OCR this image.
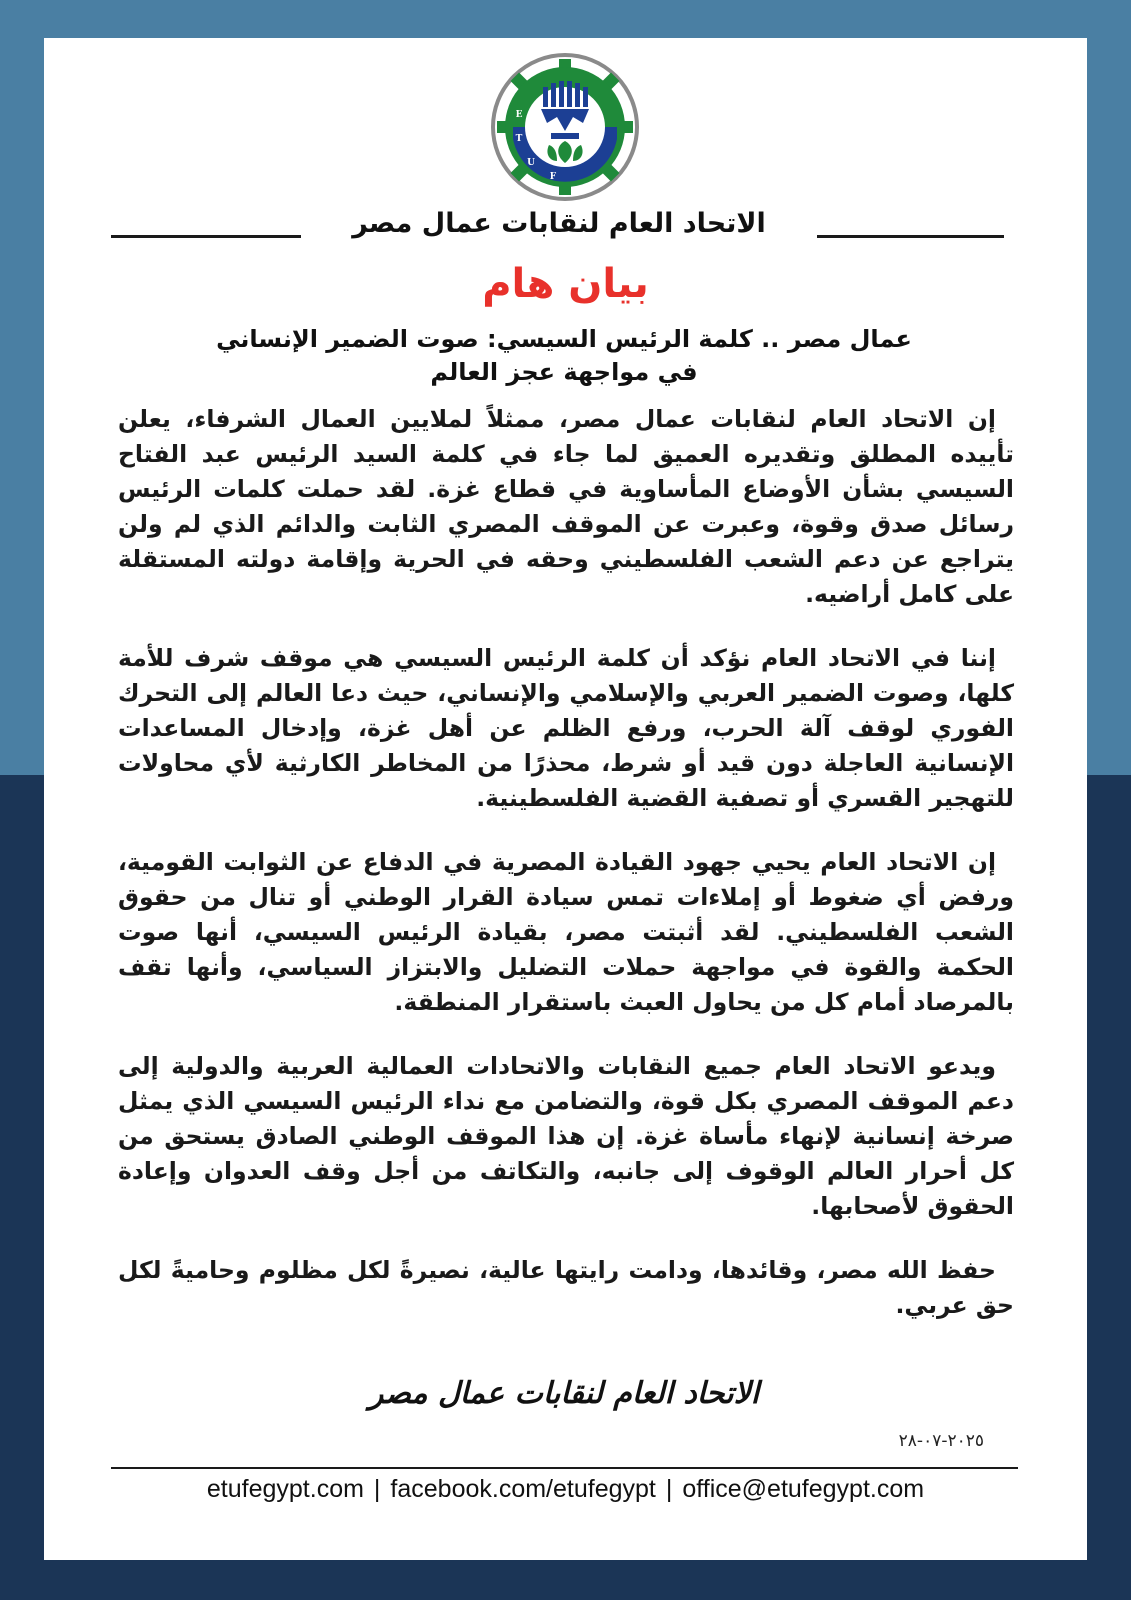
E
T
U
F
الاتحاد العام لنقابات عمال مصر
بيان هام
عمال مصر .. كلمة الرئيس السيسي: صوت الضمير الإنساني
في مواجهة عجز العالم

إن الاتحاد العام لنقابات عمال مصر، ممثلاً لملايين العمال الشرفاء، يعلن تأييده المطلق وتقديره العميق لما جاء في كلمة السيد الرئيس عبد الفتاح السيسي بشأن الأوضاع المأساوية في قطاع غزة. لقد حملت كلمات الرئيس رسائل صدق وقوة، وعبرت عن الموقف المصري الثابت والدائم الذي لم ولن يتراجع عن دعم الشعب الفلسطيني وحقه في الحرية وإقامة دولته المستقلة على كامل أراضيه.

إننا في الاتحاد العام نؤكد أن كلمة الرئيس السيسي هي موقف شرف للأمة كلها، وصوت الضمير العربي والإسلامي والإنساني، حيث دعا العالم إلى التحرك الفوري لوقف آلة الحرب، ورفع الظلم عن أهل غزة، وإدخال المساعدات الإنسانية العاجلة دون قيد أو شرط، محذرًا من المخاطر الكارثية لأي محاولات للتهجير القسري أو تصفية القضية الفلسطينية.

إن الاتحاد العام يحيي جهود القيادة المصرية في الدفاع عن الثوابت القومية، ورفض أي ضغوط أو إملاءات تمس سيادة القرار الوطني أو تنال من حقوق الشعب الفلسطيني. لقد أثبتت مصر، بقيادة الرئيس السيسي، أنها صوت الحكمة والقوة في مواجهة حملات التضليل والابتزاز السياسي، وأنها تقف بالمرصاد أمام كل من يحاول العبث باستقرار المنطقة.

ويدعو الاتحاد العام جميع النقابات والاتحادات العمالية العربية والدولية إلى دعم الموقف المصري بكل قوة، والتضامن مع نداء الرئيس السيسي الذي يمثل صرخة إنسانية لإنهاء مأساة غزة. إن هذا الموقف الوطني الصادق يستحق من كل أحرار العالم الوقوف إلى جانبه، والتكاتف من أجل وقف العدوان وإعادة الحقوق لأصحابها.

حفظ الله مصر، وقائدها، ودامت رايتها عالية، نصيرةً لكل مظلوم وحاميةً لكل حق عربي.

الاتحاد العام لنقابات عمال مصر
٢٠٢٥-٠٧-٢٨
etufegypt.com | facebook.com/etufegypt | office@etufegypt.com
